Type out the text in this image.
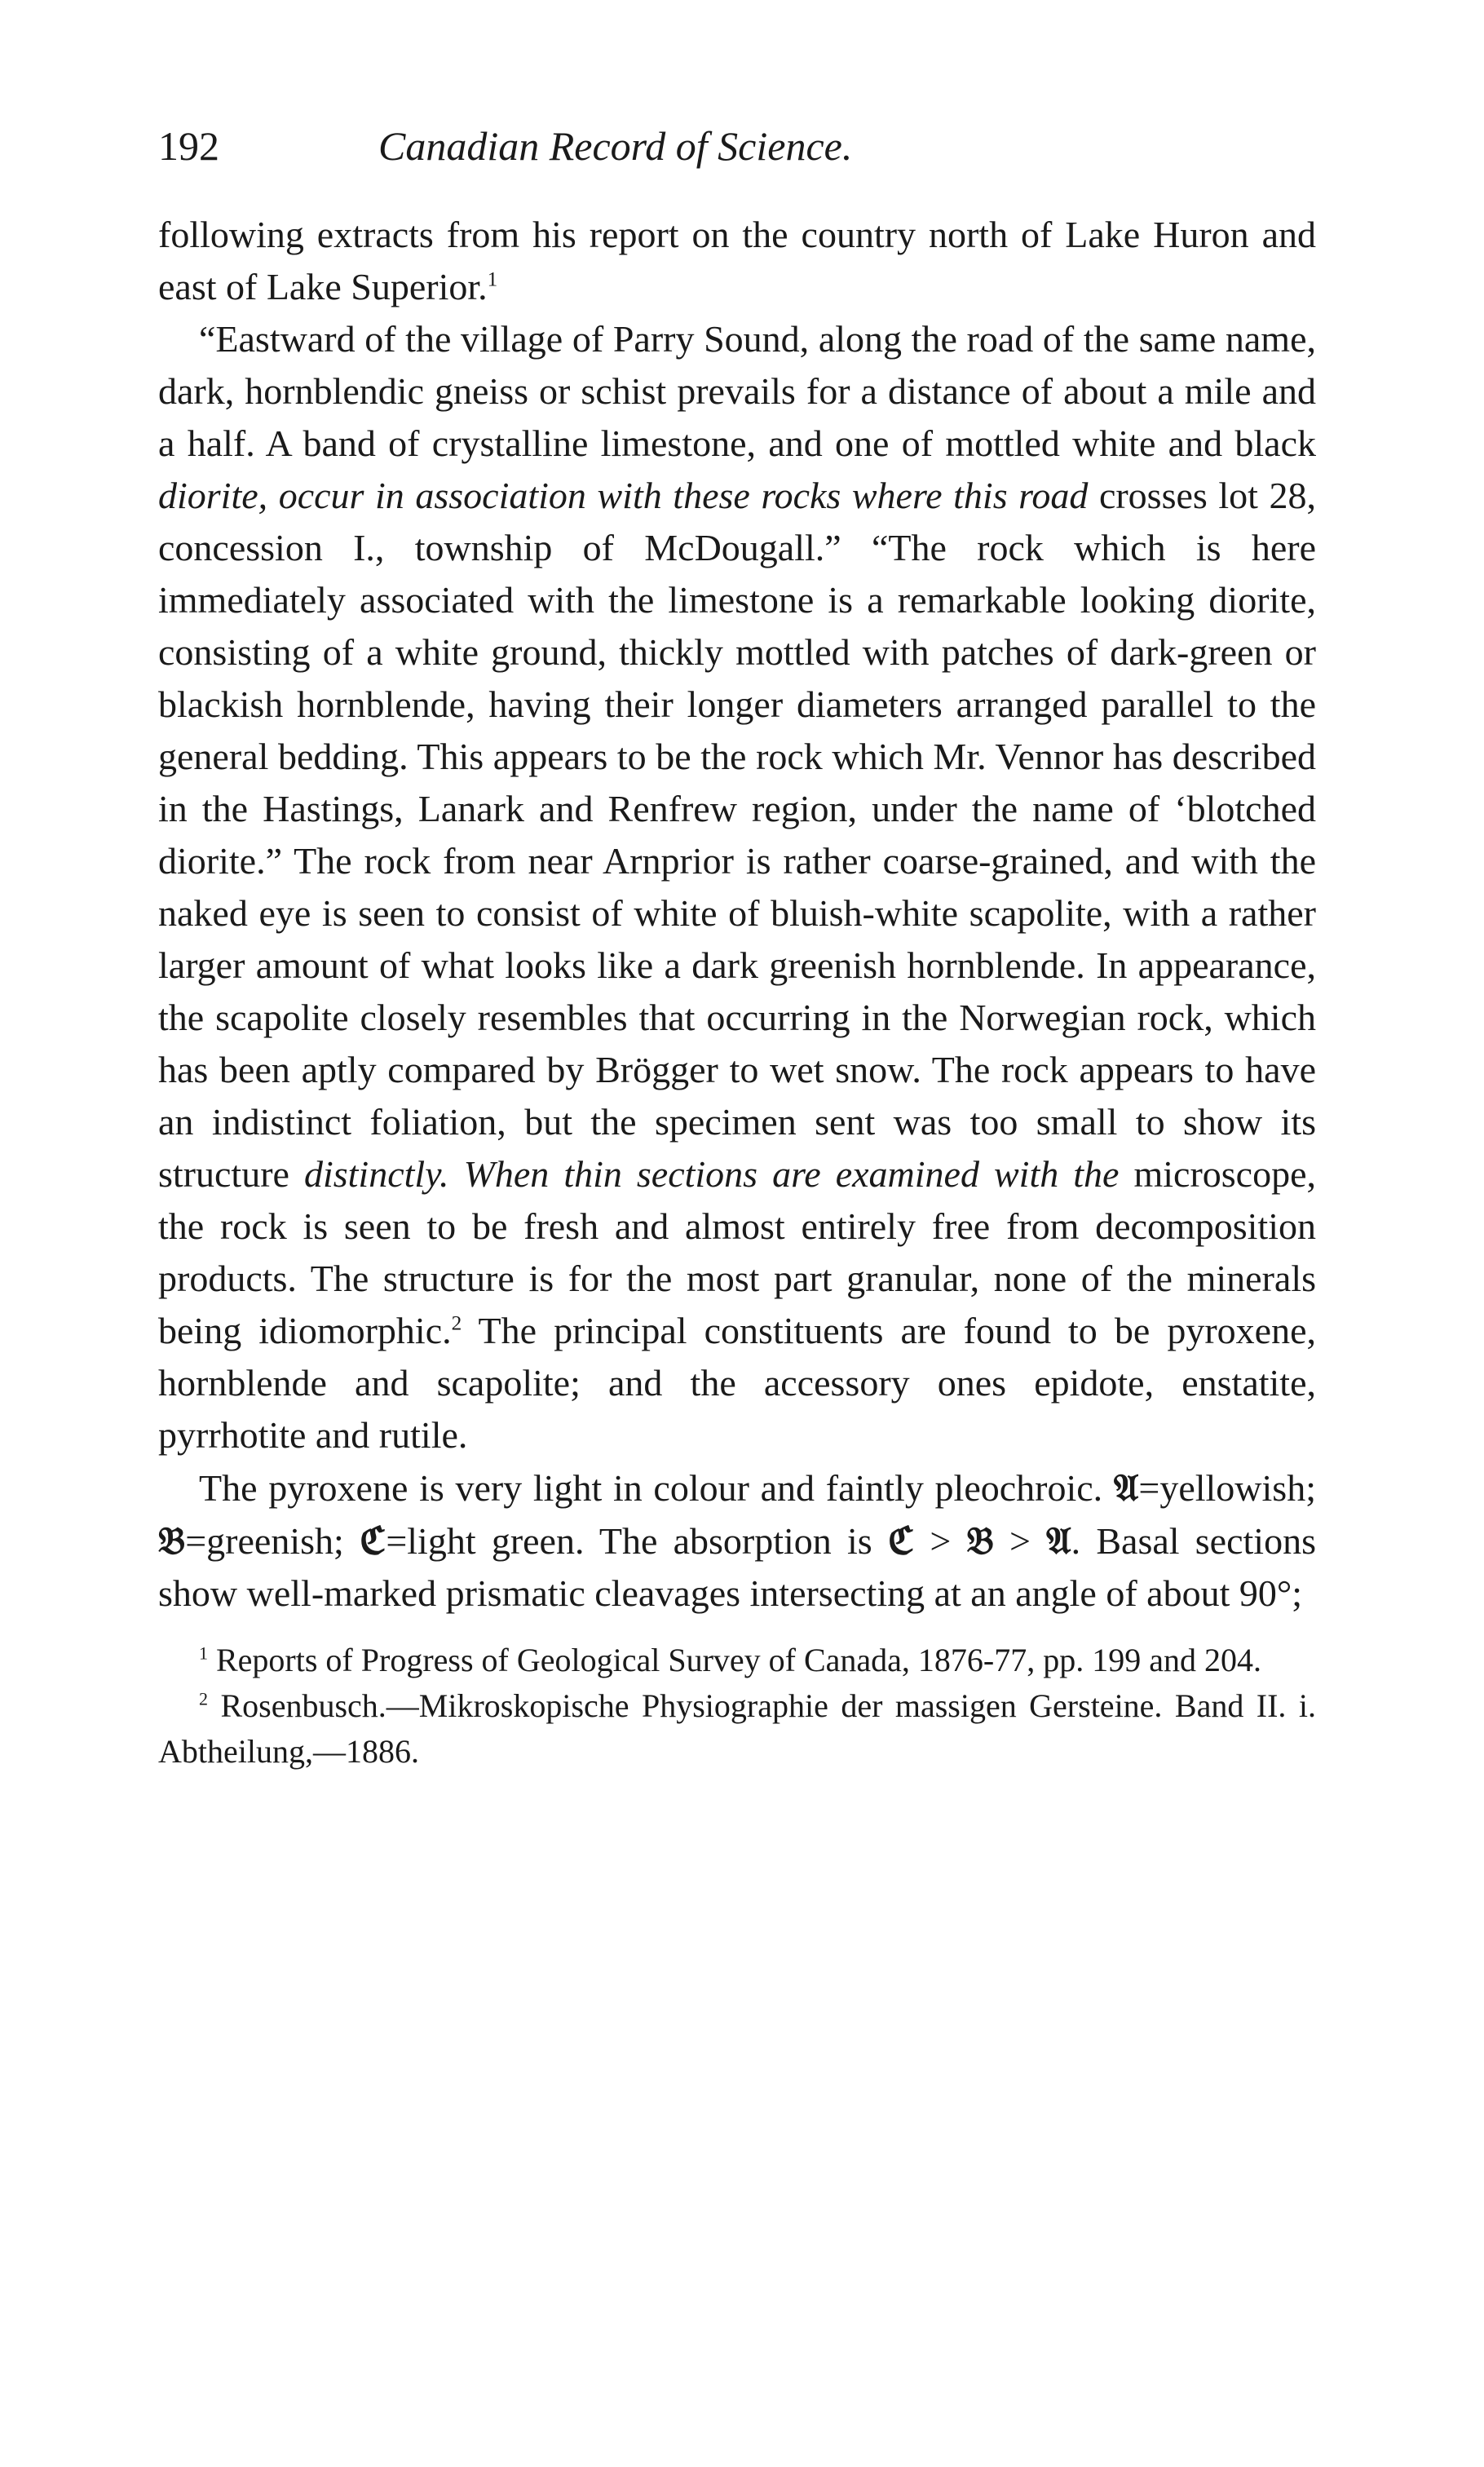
192	Canadian Record of Science.

following extracts from his report on the country north of Lake Huron and east of Lake Superior.$^1$

“Eastward of the village of Parry Sound, along the road of the same name, dark, hornblendic gneiss or schist prevails for a distance of about a mile and a half. A band of crystalline limestone, and one of mottled white and black diorite, occur in association with these rocks where this road crosses lot 28, concession I., township of McDougall.” “The rock which is here immediately associated with the limestone is a remarkable looking diorite, consisting of a white ground, thickly mottled with patches of dark-green or blackish hornblende, having their longer diameters arranged parallel to the general bedding. This appears to be the rock which Mr. Vennor has described in the Hastings, Lanark and Renfrew region, under the name of ‘blotched diorite.” The rock from near Arnprior is rather coarse-grained, and with the naked eye is seen to consist of white of bluish-white scapolite, with a rather larger amount of what looks like a dark greenish hornblende. In appearance, the scapolite closely resembles that occurring in the Norwegian rock, which has been aptly compared by Brögger to wet snow. The rock appears to have an indistinct foliation, but the specimen sent was too small to show its structure distinctly. When thin sections are examined with the microscope, the rock is seen to be fresh and almost entirely free from decomposition products. The structure is for the most part granular, none of the minerals being idiomorphic.$^2$ The principal constituents are found to be pyroxene, hornblende and scapolite; and the accessory ones epidote, enstatite, pyrrhotite and rutile.

The pyroxene is very light in colour and faintly pleochroic. 𝔄=yellowish; 𝔅=greenish; ℭ=light green. The absorption is ℭ > 𝔅 > 𝔄. Basal sections show well-marked prismatic cleavages intersecting at an angle of about 90°;

$^1$ Reports of Progress of Geological Survey of Canada, 1876-77, pp. 199 and 204.

$^2$ Rosenbusch.—Mikroskopische Physiographie der massigen Gersteine. Band II. i. Abtheilung,—1886.
